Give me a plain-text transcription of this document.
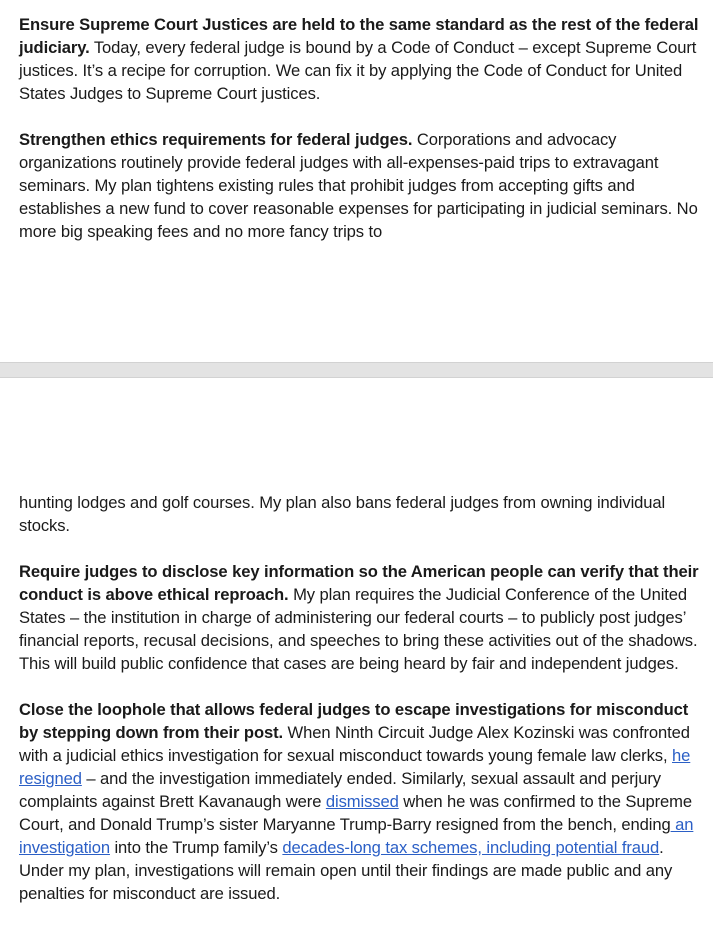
Ensure Supreme Court Justices are held to the same standard as the rest of the federal judiciary. Today, every federal judge is bound by a Code of Conduct – except Supreme Court justices. It’s a recipe for corruption. We can fix it by applying the Code of Conduct for United States Judges to Supreme Court justices.

Strengthen ethics requirements for federal judges. Corporations and advocacy organizations routinely provide federal judges with all-expenses-paid trips to extravagant seminars. My plan tightens existing rules that prohibit judges from accepting gifts and establishes a new fund to cover reasonable expenses for participating in judicial seminars. No more big speaking fees and no more fancy trips to

hunting lodges and golf courses. My plan also bans federal judges from owning individual stocks.

Require judges to disclose key information so the American people can verify that their conduct is above ethical reproach. My plan requires the Judicial Conference of the United States – the institution in charge of administering our federal courts – to publicly post judges’ financial reports, recusal decisions, and speeches to bring these activities out of the shadows. This will build public confidence that cases are being heard by fair and independent judges.

Close the loophole that allows federal judges to escape investigations for misconduct by stepping down from their post. When Ninth Circuit Judge Alex Kozinski was confronted with a judicial ethics investigation for sexual misconduct towards young female law clerks, he resigned – and the investigation immediately ended. Similarly, sexual assault and perjury complaints against Brett Kavanaugh were dismissed when he was confirmed to the Supreme Court, and Donald Trump’s sister Maryanne Trump-Barry resigned from the bench, ending an investigation into the Trump family’s decades-long tax schemes, including potential fraud. Under my plan, investigations will remain open until their findings are made public and any penalties for misconduct are issued.
